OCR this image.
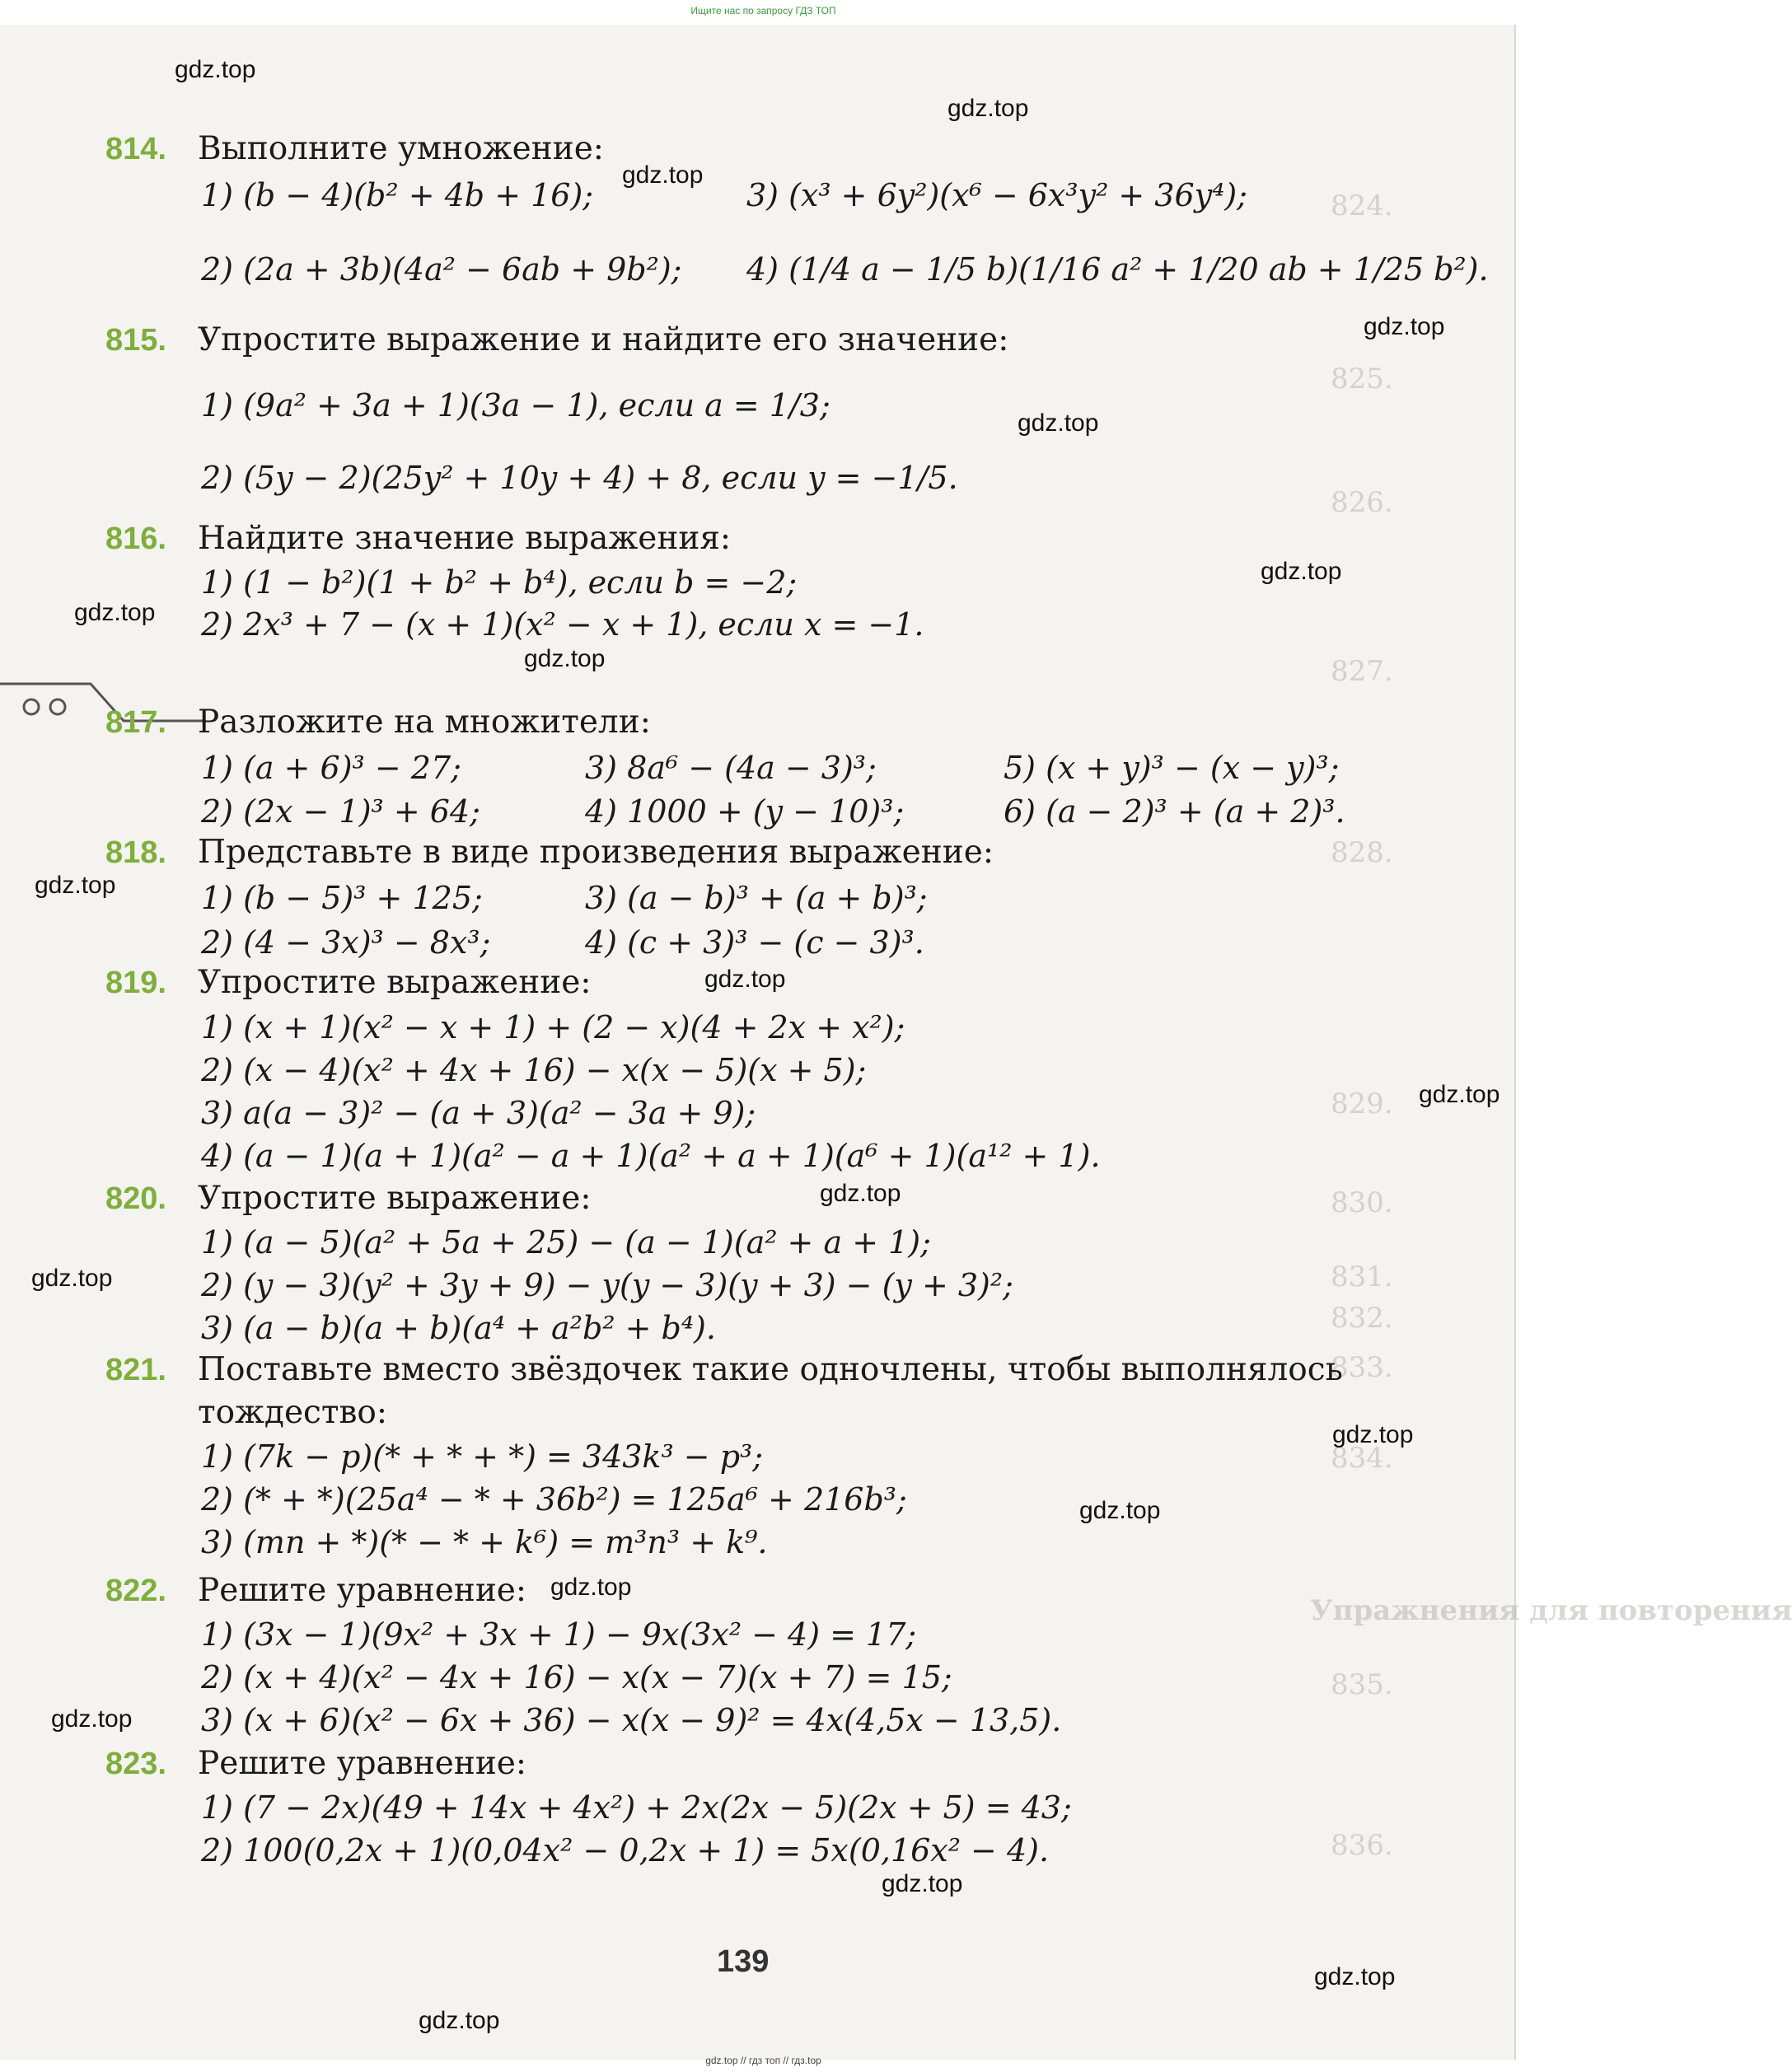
Ищите нас по запросу ГДЗ ТОП
824.
825.
826.
827.
828.
829.
830.
831.
832.
833.
834.
835.
836.
Упражнения для повторения
814. Выполните умножение:
1) (b − 4)(b² + 4b + 16);	3) (x³ + 6y²)(x⁶ − 6x³y² + 36y⁴);
2) (2a + 3b)(4a² − 6ab + 9b²); 4) (1/4 a − 1/5 b)(1/16 a² + 1/20 ab + 1/25 b²).
815. Упростите выражение и найдите его значение:
1) (9a² + 3a + 1)(3a − 1), если a = 1/3;
2) (5y − 2)(25y² + 10y + 4) + 8, если y = −1/5.
816. Найдите значение выражения:
1) (1 − b²)(1 + b² + b⁴), если b = −2;
2) 2x³ + 7 − (x + 1)(x² − x + 1), если x = −1.
817. Разложите на множители:
1) (a + 6)³ − 27;	3) 8a⁶ − (4a − 3)³;	5) (x + y)³ − (x − y)³;
2) (2x − 1)³ + 64;	4) 1000 + (y − 10)³;	6) (a − 2)³ + (a + 2)³.
818. Представьте в виде произведения выражение:
1) (b − 5)³ + 125;	3) (a − b)³ + (a + b)³;
2) (4 − 3x)³ − 8x³;	4) (c + 3)³ − (c − 3)³.
819. Упростите выражение:
1) (x + 1)(x² − x + 1) + (2 − x)(4 + 2x + x²);
2) (x − 4)(x² + 4x + 16) − x(x − 5)(x + 5);
3) a(a − 3)² − (a + 3)(a² − 3a + 9);
4) (a − 1)(a + 1)(a² − a + 1)(a² + a + 1)(a⁶ + 1)(a¹² + 1).
820. Упростите выражение:
1) (a − 5)(a² + 5a + 25) − (a − 1)(a² + a + 1);
2) (y − 3)(y² + 3y + 9) − y(y − 3)(y + 3) − (y + 3)²;
3) (a − b)(a + b)(a⁴ + a²b² + b⁴).
821. Поставьте вместо звёздочек такие одночлены, чтобы выполнялось
тождество:
1) (7k − p)(* + * + *) = 343k³ − p³;
2) (* + *)(25a⁴ − * + 36b²) = 125a⁶ + 216b³;
3) (mn + *)(* − * + k⁶) = m³n³ + k⁹.
822. Решите уравнение:
1) (3x − 1)(9x² + 3x + 1) − 9x(3x² − 4) = 17;
2) (x + 4)(x² − 4x + 16) − x(x − 7)(x + 7) = 15;
3) (x + 6)(x² − 6x + 36) − x(x − 9)² = 4x(4,5x − 13,5).
823. Решите уравнение:
1) (7 − 2x)(49 + 14x + 4x²) + 2x(2x − 5)(2x + 5) = 43;
2) 100(0,2x + 1)(0,04x² − 0,2x + 1) = 5x(0,16x² − 4).
139
gdz.top
gdz.top
gdz.top
gdz.top
gdz.top
gdz.top
gdz.top
gdz.top
gdz.top
gdz.top
gdz.top
gdz.top
gdz.top
gdz.top
gdz.top
gdz.top
gdz.top
gdz.top
gdz.top
gdz.top
gdz.top // гдз топ // гдз.top
